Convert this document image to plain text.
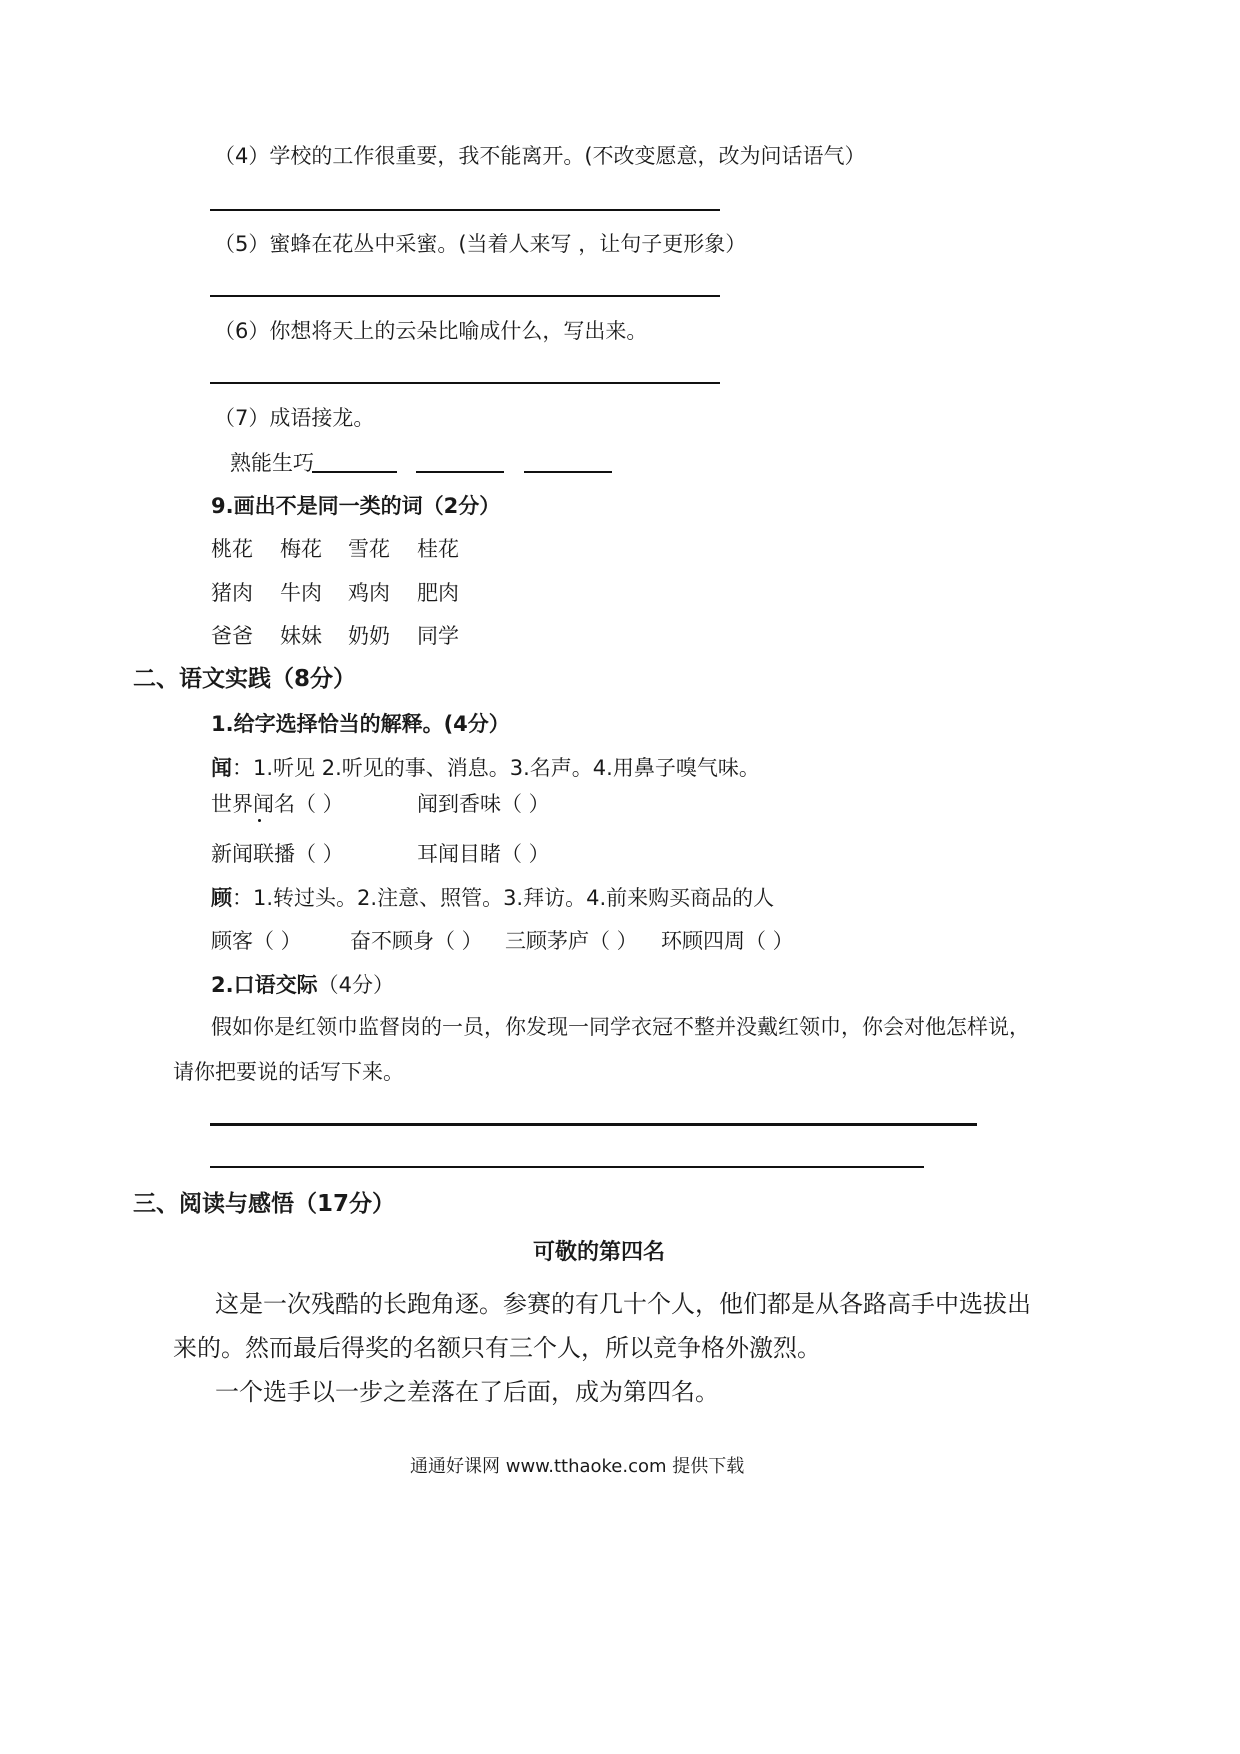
（4）学校的工作很重要，我不能离开。(不改变愿意，改为问话语气）
（5）蜜蜂在花丛中采蜜。(当着人来写 ，让句子更形象）
（6）你想将天上的云朵比喻成什么，写出来。
（7）成语接龙。
熟能生巧
9.画出不是同一类的词（2分）
桃花 梅花 雪花 桂花
猪肉 牛肉 鸡肉 肥肉
爸爸 妹妹 奶奶 同学
二、语文实践（8分）
1.给字选择恰当的解释。(4分）
闻：1.听见 2.听见的事、消息。3.名声。4.用鼻子嗅气味。
世界闻名（ ）	闻到香味（ ）
新闻联播（ ）	耳闻目睹（ ）
顾：1.转过头。2.注意、照管。3.拜访。4.前来购买商品的人
顾客（ ） 奋不顾身（ ） 三顾茅庐（ ） 环顾四周（ ）
2.口语交际（4分）
假如你是红领巾监督岗的一员，你发现一同学衣冠不整并没戴红领巾，你会对他怎样说，
请你把要说的话写下来。
三、阅读与感悟（17分）
可敬的第四名
这是一次残酷的长跑角逐。参赛的有几十个人，他们都是从各路高手中选拔出
来的。然而最后得奖的名额只有三个人，所以竞争格外激烈。
一个选手以一步之差落在了后面，成为第四名。
通通好课网 www.tthaoke.com 提供下载
